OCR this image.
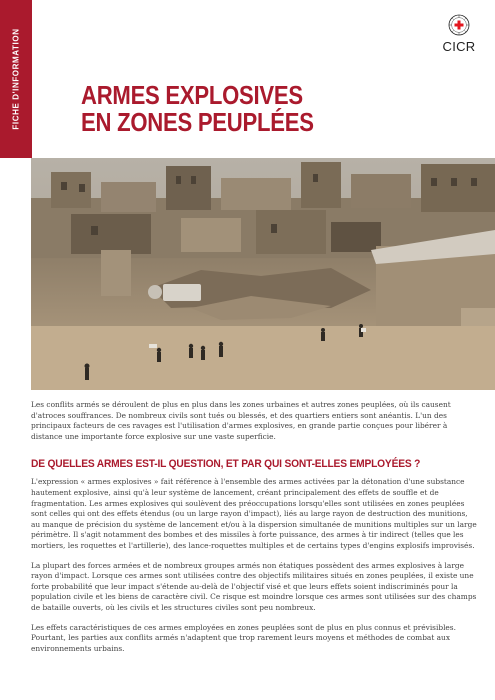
FICHE D'INFORMATION	CICR
ARMES EXPLOSIVES
EN ZONES PEUPLÉES

Les conflits armés se déroulent de plus en plus dans les zones urbaines et autres zones peuplées, où ils causent d'atroces souffrances. De nombreux civils sont tués ou blessés, et des quartiers entiers sont anéantis. L'un des principaux facteurs de ces ravages est l'utilisation d'armes explosives, en grande partie conçues pour libérer à distance une importante force explosive sur une vaste superficie.

DE QUELLES ARMES EST-IL QUESTION, ET PAR QUI SONT-ELLES EMPLOYÉES ?

L'expression « armes explosives » fait référence à l'ensemble des armes activées par la détonation d'une substance hautement explosive, ainsi qu'à leur système de lancement, créant principalement des effets de souffle et de fragmentation. Les armes explosives qui soulèvent des préoccupations lorsqu'elles sont utilisées en zones peuplées sont celles qui ont des effets étendus (ou un large rayon d'impact), liés au large rayon de destruction des munitions, au manque de précision du système de lancement et/ou à la dispersion simultanée de munitions multiples sur un large périmètre. Il s'agit notamment des bombes et des missiles à forte puissance, des armes à tir indirect (telles que les mortiers, les roquettes et l'artillerie), des lance-roquettes multiples et de certains types d'engins explosifs improvisés.

La plupart des forces armées et de nombreux groupes armés non étatiques possèdent des armes explosives à large rayon d'impact. Lorsque ces armes sont utilisées contre des objectifs militaires situés en zones peuplées, il existe une forte probabilité que leur impact s'étende au-delà de l'objectif visé et que leurs effets soient indiscriminés pour la population civile et les biens de caractère civil. Ce risque est moindre lorsque ces armes sont utilisées sur des champs de bataille ouverts, où les civils et les structures civiles sont peu nombreux.

Les effets caractéristiques de ces armes employées en zones peuplées sont de plus en plus connus et prévisibles. Pourtant, les parties aux conflits armés n'adaptent que trop rarement leurs moyens et méthodes de combat aux environnements urbains.
